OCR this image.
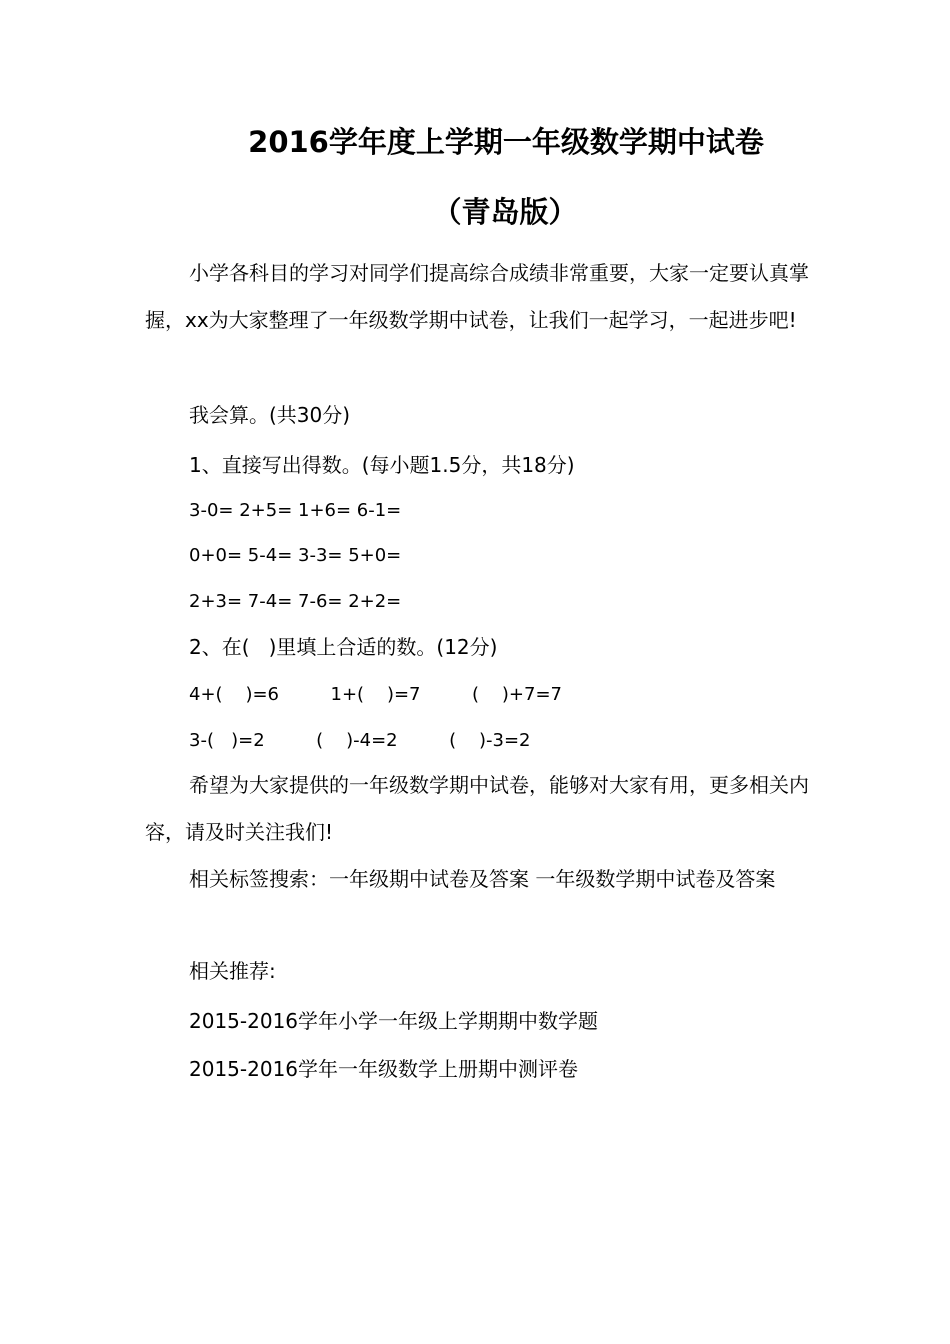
2016学年度上学期一年级数学期中试卷
（青岛版）

小学各科目的学习对同学们提高综合成绩非常重要，大家一定要认真掌握，xx为大家整理了一年级数学期中试卷，让我们一起学习，一起进步吧!

我会算。(共30分)

1、直接写出得数。(每小题1.5分，共18分)

3-0= 2+5= 1+6= 6-1=

0+0= 5-4= 3-3= 5+0=

2+3= 7-4= 7-6= 2+2=

2、在(   )里填上合适的数。(12分)

4+(    )=6         1+(    )=7         (    )+7=7

3-(   )=2         (    )-4=2         (    )-3=2

希望为大家提供的一年级数学期中试卷，能够对大家有用，更多相关内容，请及时关注我们!

相关标签搜索：一年级期中试卷及答案 一年级数学期中试卷及答案

相关推荐:

2015-2016学年小学一年级上学期期中数学题

2015-2016学年一年级数学上册期中测评卷
